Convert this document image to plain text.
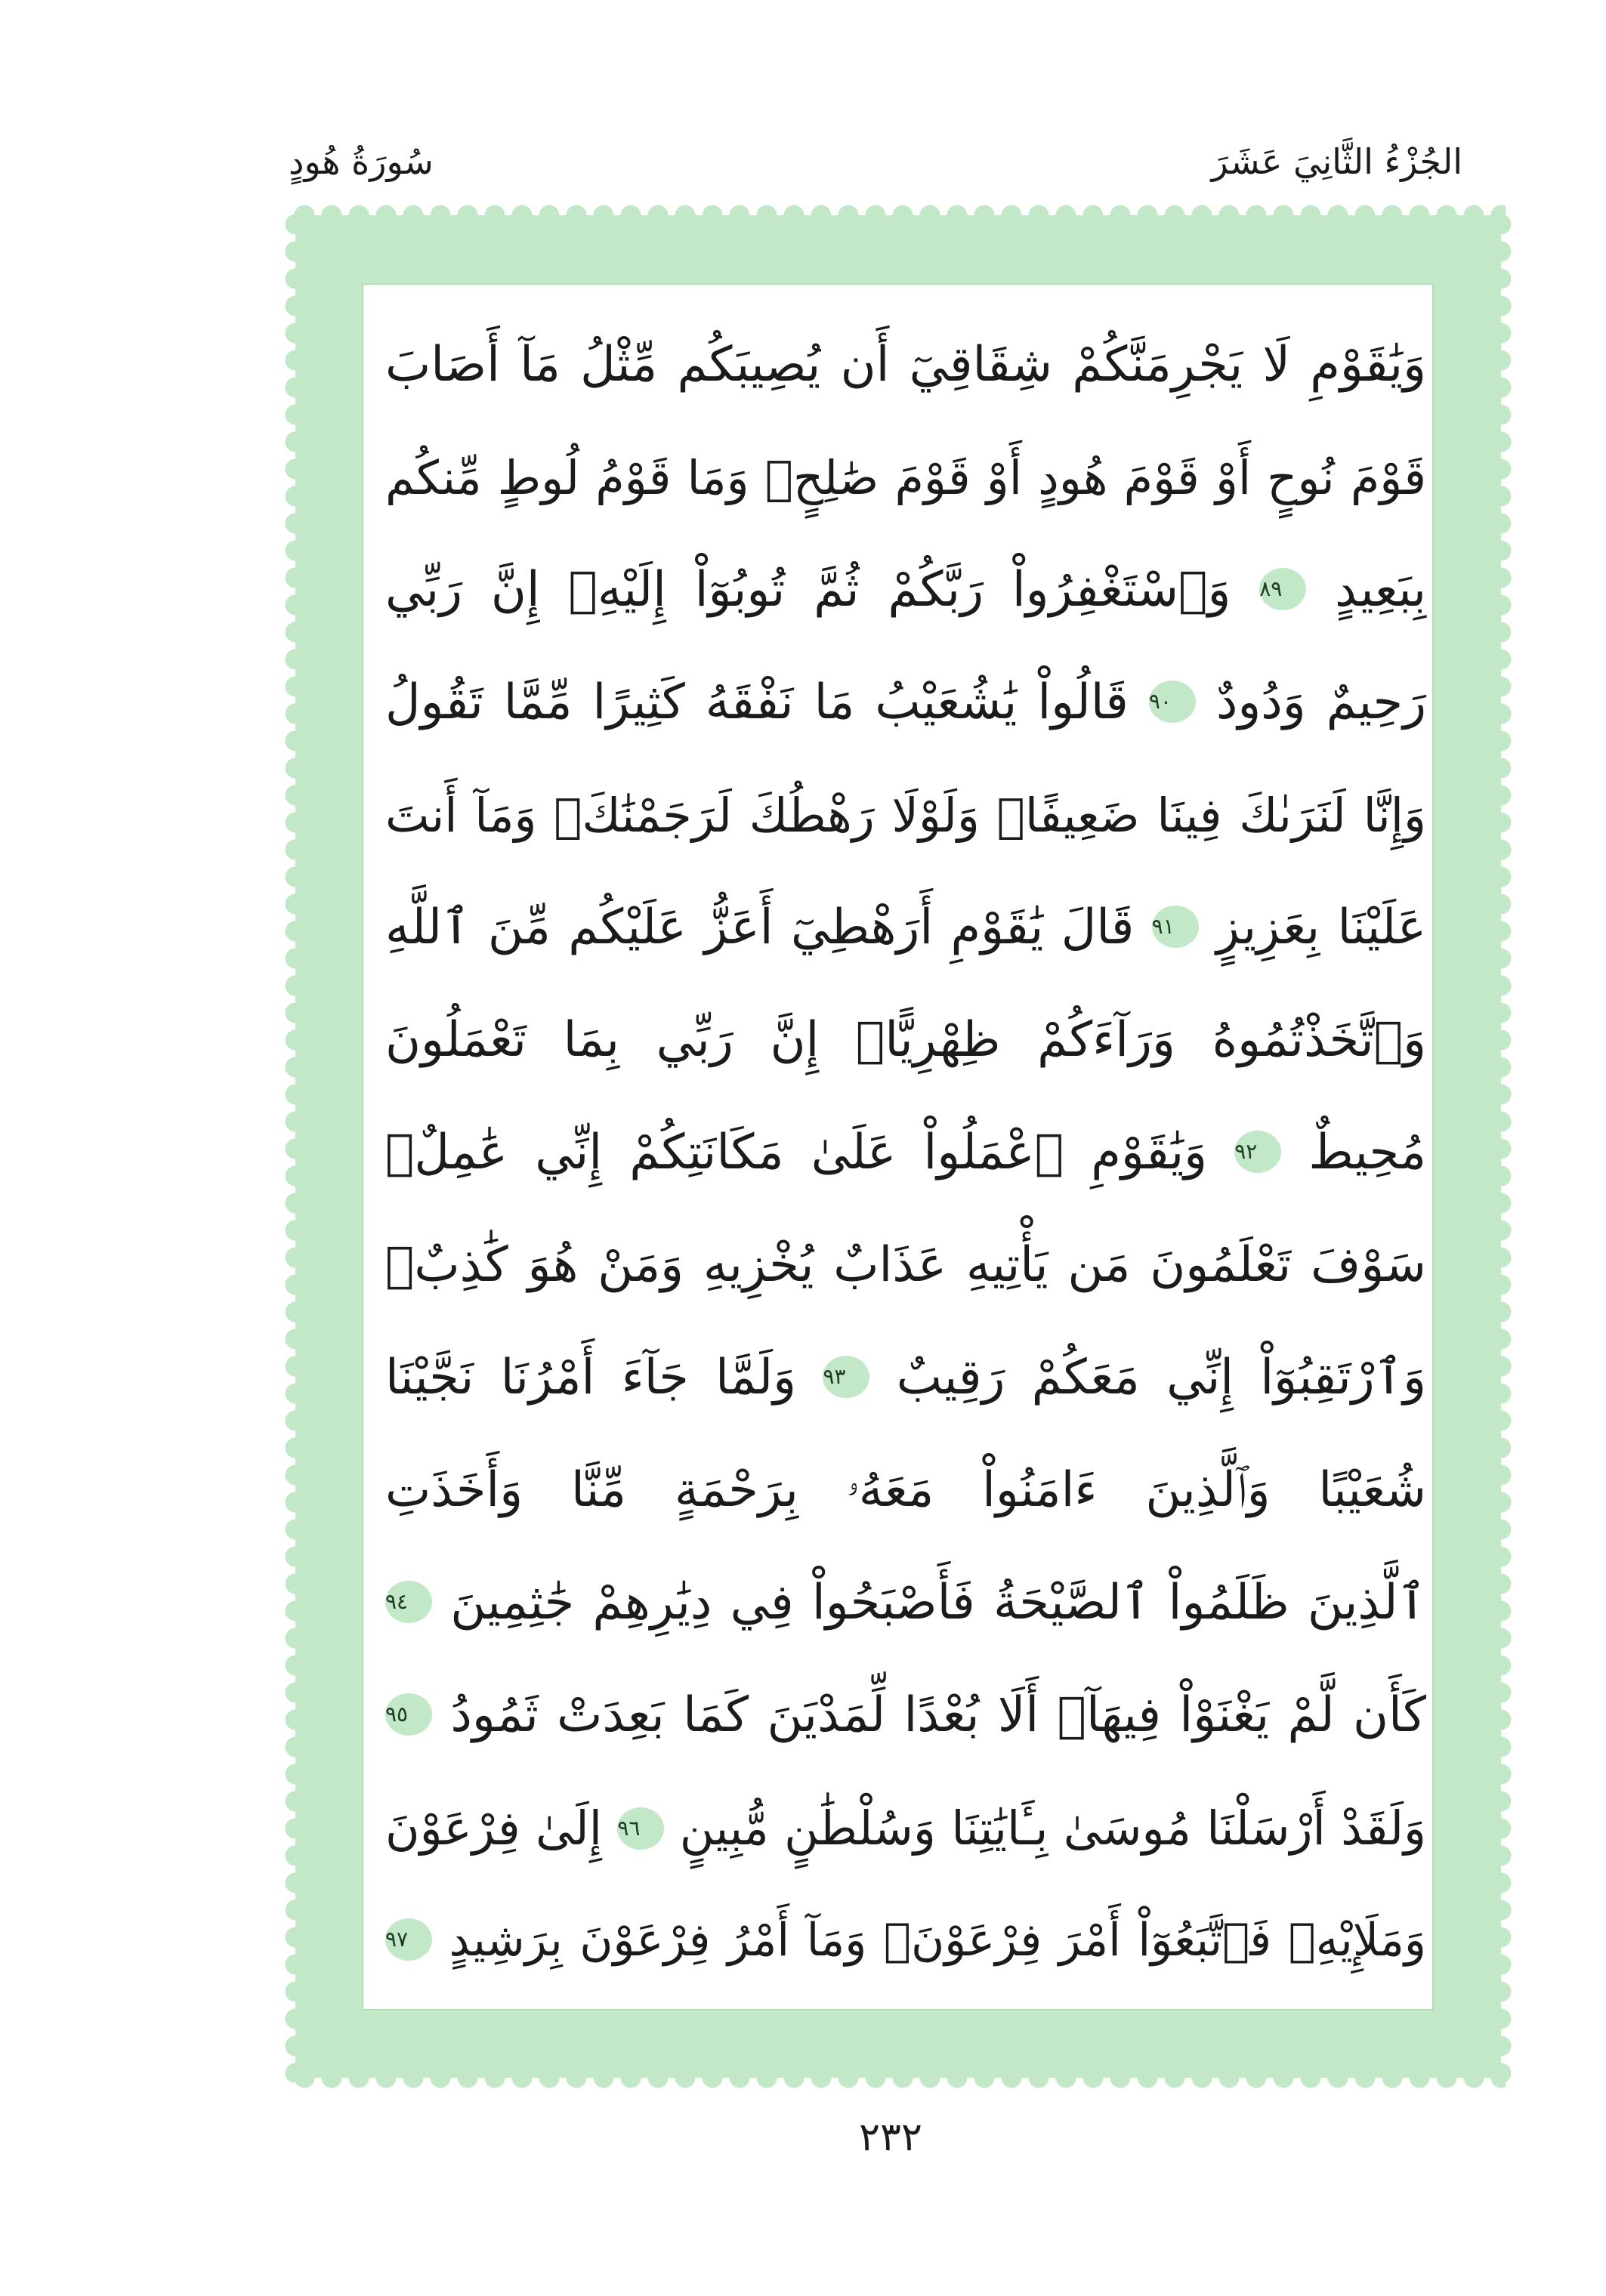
الجُزْءُ الثَّانِيَ عَشَرَ
سُورَةُ هُودٍ
وَيَٰقَوْمِ لَا يَجْرِمَنَّكُمْ شِقَاقِيٓ أَن يُصِيبَكُم مِّثْلُ مَآ أَصَابَ
قَوْمَ نُوحٍ أَوْ قَوْمَ هُودٍ أَوْ قَوْمَ صَٰلِحٍۚ وَمَا قَوْمُ لُوطٍ مِّنكُم
بِبَعِيدٍ ٨٩ وَٱسْتَغْفِرُواْ رَبَّكُمْ ثُمَّ تُوبُوٓاْ إِلَيْهِۚ إِنَّ رَبِّي
رَحِيمٌ وَدُودٌ ٩٠ قَالُواْ يَٰشُعَيْبُ مَا نَفْقَهُ كَثِيرًا مِّمَّا تَقُولُ
وَإِنَّا لَنَرَىٰكَ فِينَا ضَعِيفًاۖ وَلَوْلَا رَهْطُكَ لَرَجَمْنَٰكَۖ وَمَآ أَنتَ
عَلَيْنَا بِعَزِيزٍ ٩١ قَالَ يَٰقَوْمِ أَرَهْطِيٓ أَعَزُّ عَلَيْكُم مِّنَ ٱللَّهِ
وَٱتَّخَذْتُمُوهُ وَرَآءَكُمْ ظِهْرِيًّاۖ إِنَّ رَبِّي بِمَا تَعْمَلُونَ
مُحِيطٌ ٩٢ وَيَٰقَوْمِ ٱعْمَلُواْ عَلَىٰ مَكَانَتِكُمْ إِنِّي عَٰمِلٌۖ
سَوْفَ تَعْلَمُونَ مَن يَأْتِيهِ عَذَابٌ يُخْزِيهِ وَمَنْ هُوَ كَٰذِبٌۖ
وَٱرْتَقِبُوٓاْ إِنِّي مَعَكُمْ رَقِيبٌ ٩٣ وَلَمَّا جَآءَ أَمْرُنَا نَجَّيْنَا
شُعَيْبًا وَٱلَّذِينَ ءَامَنُواْ مَعَهُۥ بِرَحْمَةٍ مِّنَّا وَأَخَذَتِ
ٱلَّذِينَ ظَلَمُواْ ٱلصَّيْحَةُ فَأَصْبَحُواْ فِي دِيَٰرِهِمْ جَٰثِمِينَ ٩٤
كَأَن لَّمْ يَغْنَوْاْ فِيهَآۗ أَلَا بُعْدًا لِّمَدْيَنَ كَمَا بَعِدَتْ ثَمُودُ ٩٥
وَلَقَدْ أَرْسَلْنَا مُوسَىٰ بِـَٔايَٰتِنَا وَسُلْطَٰنٍ مُّبِينٍ ٩٦ إِلَىٰ فِرْعَوْنَ
وَمَلَإِيْهِۦ فَٱتَّبَعُوٓاْ أَمْرَ فِرْعَوْنَۖ وَمَآ أَمْرُ فِرْعَوْنَ بِرَشِيدٍ ٩٧
٢٣٢
